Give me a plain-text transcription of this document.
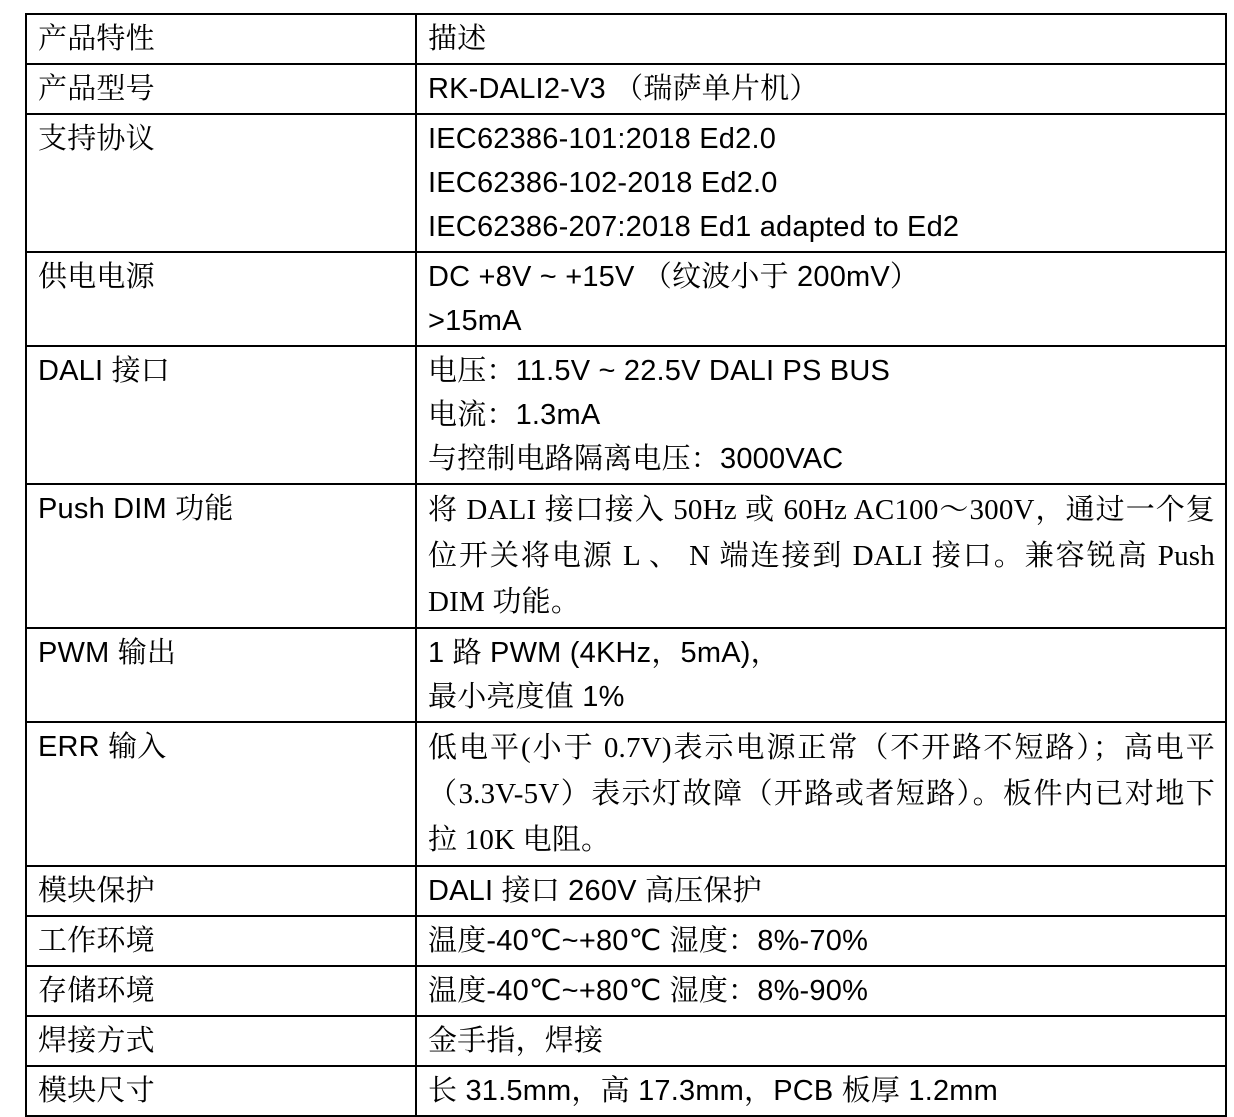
产品特性	描述
产品型号	RK-DALI2-V3 （瑞萨单片机）

支持协议	IEC62386-101:2018 Ed2.0
IEC62386-102-2018 Ed2.0
IEC62386-207:2018 Ed1 adapted to Ed2

供电电源	DC +8V ~ +15V （纹波小于 200mV）
>15mA

DALI 接口	电压：11.5V ~ 22.5V DALI PS BUS
电流：1.3mA
与控制电路隔离电压：3000VAC

Push DIM 功能	将 DALI 接口接入 50Hz 或 60Hz AC100～300V，通过一个复位开关将电源 L 、 N 端连接到 DALI 接口。兼容锐高 Push DIM 功能。

PWM 输出	1 路 PWM (4KHz，5mA)，
最小亮度值 1%

ERR 输入	低电平(小于 0.7V)表示电源正常（不开路不短路）；高电平（3.3V-5V）表示灯故障（开路或者短路）。板件内已对地下拉 10K 电阻。

模块保护	DALI 接口 260V 高压保护

工作环境	温度-40℃~+80℃ 湿度：8%-70%

存储环境	温度-40℃~+80℃ 湿度：8%-90%

焊接方式	金手指，焊接

模块尺寸	长 31.5mm，高 17.3mm，PCB 板厚 1.2mm
